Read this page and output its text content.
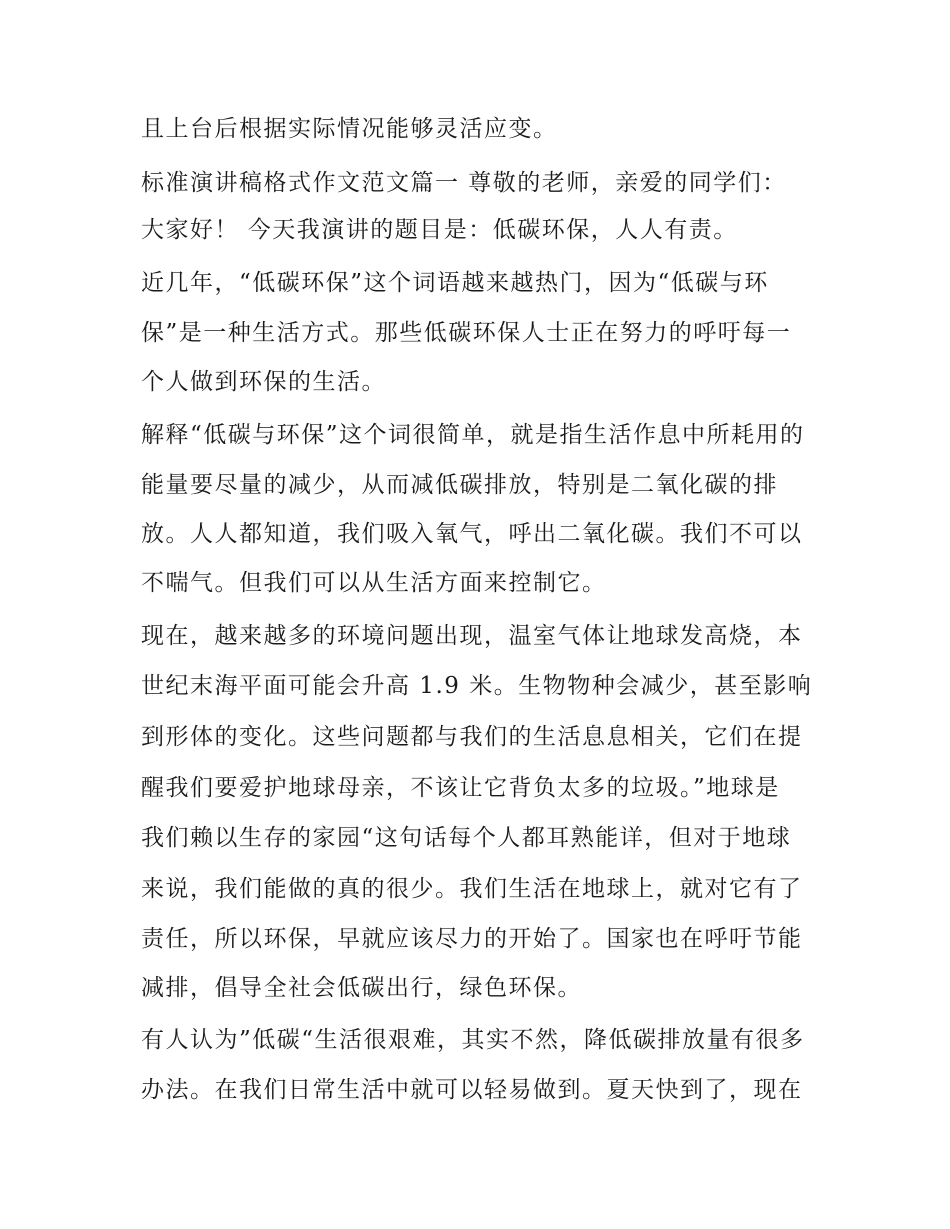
且上台后根据实际情况能够灵活应变。
标准演讲稿格式作文范文篇一 尊敬的老师，亲爱的同学们：
大家好！ 今天我演讲的题目是：低碳环保，人人有责。
近几年，“低碳环保”这个词语越来越热门，因为“低碳与环
保”是一种生活方式。那些低碳环保人士正在努力的呼吁每一
个人做到环保的生活。
解释“低碳与环保”这个词很简单，就是指生活作息中所耗用的
能量要尽量的减少，从而减低碳排放，特别是二氧化碳的排
放。人人都知道，我们吸入氧气，呼出二氧化碳。我们不可以
不喘气。但我们可以从生活方面来控制它。
现在，越来越多的环境问题出现，温室气体让地球发高烧，本
世纪末海平面可能会升高 1.9 米。生物物种会减少，甚至影响
到形体的变化。这些问题都与我们的生活息息相关，它们在提
醒我们要爱护地球母亲，不该让它背负太多的垃圾。”地球是
我们赖以生存的家园“这句话每个人都耳熟能详，但对于地球
来说，我们能做的真的很少。我们生活在地球上，就对它有了
责任，所以环保，早就应该尽力的开始了。国家也在呼吁节能
减排，倡导全社会低碳出行，绿色环保。
有人认为”低碳“生活很艰难，其实不然，降低碳排放量有很多
办法。在我们日常生活中就可以轻易做到。夏天快到了，现在
